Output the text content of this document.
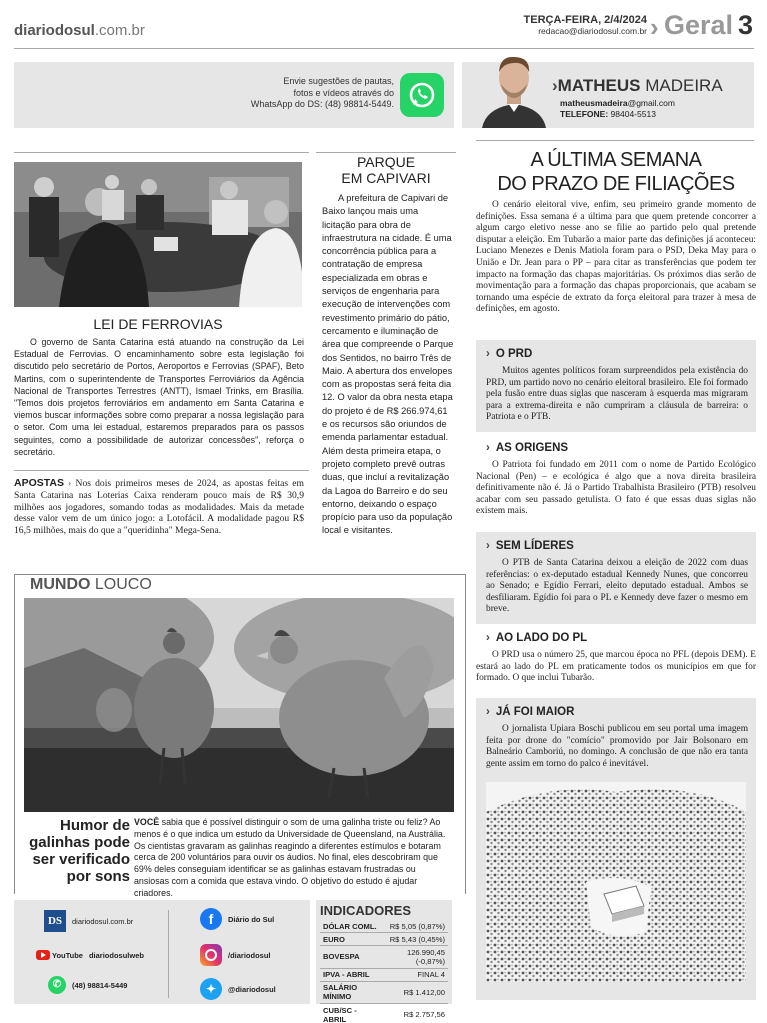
diariodosul.com.br
TERÇA-FEIRA, 2/4/2024
redacao@diariodosul.com.br › Geral 3
Envie sugestões de pautas,
fotos e vídeos através do
WhatsApp do DS: (48) 98814-5449.
›MATHEUS MADEIRA
matheusmadeira@gmail.com
TELEFONE: 98404-5513
LEI DE FERROVIAS

O governo de Santa Catarina está atuando na construção da Lei Estadual de Ferrovias. O encaminhamento sobre esta legislação foi discutido pelo secretário de Portos, Aeroportos e Ferrovias (SPAF), Beto Martins, com o superintendente de Transportes Ferroviários da Agência Nacional de Transportes Terrestres (ANTT), Ismael Trinks, em Brasília. "Temos dois projetos ferroviários em andamento em Santa Catarina e viemos buscar informações sobre como preparar a nossa legislação para o setor. Com uma lei estadual, estaremos preparados para os passos seguintes, como a possibilidade de autorizar concessões", reforça o secretário.

APOSTAS › Nos dois primeiros meses de 2024, as apostas feitas em Santa Catarina nas Loterias Caixa renderam pouco mais de R$ 30,9 milhões aos jogadores, somando todas as modalidades. Mais da metade desse valor vem de um único jogo: a Lotofácil. A modalidade pagou R$ 16,5 milhões, mais do que a "queridinha" Mega-Sena.
PARQUE
EM CAPIVARI

A prefeitura de Capivari de Baixo lançou mais uma licitação para obra de infraestrutura na cidade. É uma concorrência pública para a contratação de empresa especializada em obras e serviços de engenharia para execução de intervenções com revestimento primário do pátio, cercamento e iluminação de área que compreende o Parque dos Sentidos, no bairro Três de Maio. A abertura dos envelopes com as propostas será feita dia 12. O valor da obra nesta etapa do projeto é de R$ 266.974,61 e os recursos são oriundos de emenda parlamentar estadual. Além desta primeira etapa, o projeto completo prevê outras duas, que incluí a revitalização da Lagoa do Barreiro e do seu entorno, deixando o espaço propício para uso da população local e visitantes.

A ÚLTIMA SEMANA
DO PRAZO DE FILIAÇÕES

O cenário eleitoral vive, enfim, seu primeiro grande momento de definições. Essa semana é a última para que quem pretende concorrer a algum cargo eletivo nesse ano se filie ao partido pelo qual pretende disputar a eleição. Em Tubarão a maior parte das definições já aconteceu: Luciano Menezes e Denis Matiola foram para o PSD, Deka May para o União e Dr. Jean para o PP – para citar as transferências que podem ter impacto na formação das chapas majoritárias. Os próximos dias serão de movimentação para a formação das chapas proporcionais, que acabam se tornando uma espécie de extrato da força eleitoral para trazer à mesa de definições, em agosto.

› O PRD

Muitos agentes políticos foram surpreendidos pela existência do PRD, um partido novo no cenário eleitoral brasileiro. Ele foi formado pela fusão entre duas siglas que nasceram à esquerda mas migraram para a extrema-direita e não cumpriram a cláusula de barreira: o Patriota e o PTB.

› AS ORIGENS

O Patriota foi fundado em 2011 com o nome de Partido Ecológico Nacional (Pen) – e ecológica é algo que a nova direita brasileira definitivamente não é. Já o Partido Trabalhista Brasileiro (PTB) resolveu acabar com seu passado getulista. O fato é que essas duas siglas não existem mais.

› SEM LÍDERES

O PTB de Santa Catarina deixou a eleição de 2022 com duas referências: o ex-deputado estadual Kennedy Nunes, que concorreu ao Senado; e Egídio Ferrari, eleito deputado estadual. Ambos se desfiliaram. Egídio foi para o PL e Kennedy deve fazer o mesmo em breve.

› AO LADO DO PL

O PRD usa o número 25, que marcou época no PFL (depois DEM). E estará ao lado do PL em praticamente todos os municípios em que for formado. O que inclui Tubarão.

› JÁ FOI MAIOR

O jornalista Upiara Boschi publicou em seu portal uma imagem feita por drone do "comício" promovido por Jair Bolsonaro em Balneário Camboriú, no domingo. A conclusão de que não era tanta gente assim em torno do palco é inevitável.

MUNDO LOUCO
Humor de galinhas pode ser verificado por sons
VOCÊ sabia que é possível distinguir o som de uma galinha triste ou feliz? Ao menos é o que indica um estudo da Universidade de Queensland, na Austrália. Os cientistas gravaram as galinhas reagindo a diferentes estímulos e botaram cerca de 200 voluntários para ouvir os áudios. No final, eles descobriram que 69% deles conseguiam identificar se as galinhas estavam frustradas ou ansiosas com a comida que estava vindo. O objetivo do estudo é ajudar criadores.
DS	diariodosul.com.br
YouTube diariodosulweb
✆	(48) 98814-5449
f	Diário do Sul
/diariodosul
✦	@diariodosul
INDICADORES
DÓLAR COML.	R$ 5,05 (0,87%)
EURO	R$ 5,43 (0,45%)
BOVESPA	126.990,45 (-0,87%)
IPVA - ABRIL	FINAL 4
SALÁRIO MÍNIMO	R$ 1.412,00
CUB/SC - ABRIL	R$ 2.757,56
